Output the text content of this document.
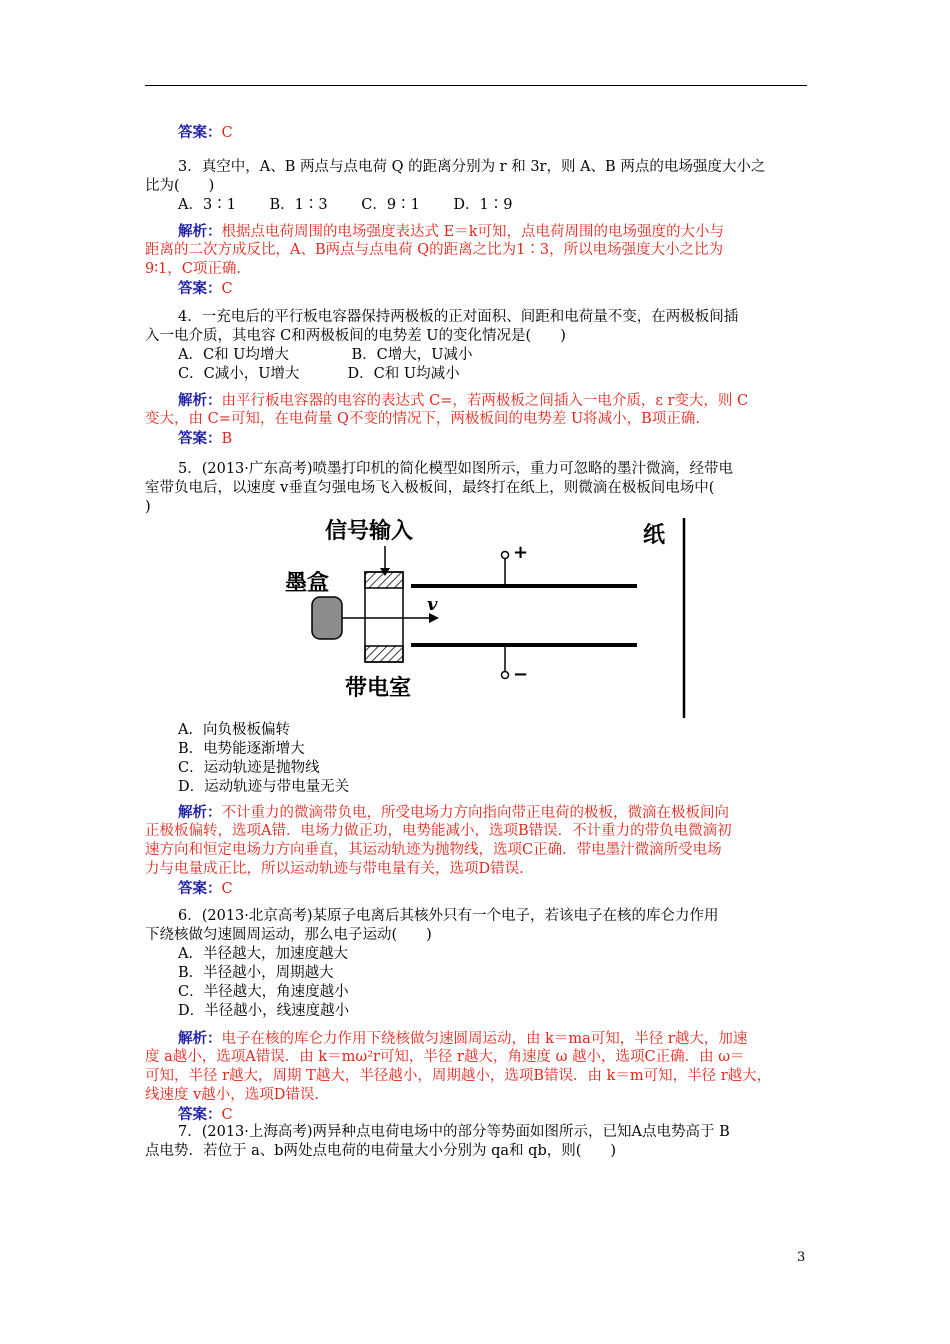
答案：C
3．真空中，A、B 两点与点电荷 Q 的距离分别为 r 和 3r，则 A、B 两点的电场强度大小之
比为(　　)
A．3∶1　　 B．1∶3　　 C．9∶1　　 D．1∶9
解析：根据点电荷周围的电场强度表达式 E＝k可知，点电荷周围的电场强度的大小与
距离的二次方成反比，A、B两点与点电荷 Q的距离之比为1∶3，所以电场强度大小之比为
9∶1，C项正确.
答案：C
4．一充电后的平行板电容器保持两极板的正对面积、间距和电荷量不变，在两极板间插
入一电介质，其电容 C和两极板间的电势差 U的变化情况是(　　)
A．C和 U均增大　　　　 B．C增大，U减小
C．C减小，U增大　　　 D．C和 U均减小
解析：由平行板电容器的电容的表达式 C=，若两极板之间插入一电介质，ε r变大，则 C
变大，由 C=可知，在电荷量 Q不变的情况下，两极板间的电势差 U将减小，B项正确.
答案：B
5．(2013·广东高考)喷墨打印机的简化模型如图所示，重力可忽略的墨汁微滴，经带电
室带负电后，以速度 v垂直匀强电场飞入极板间，最终打在纸上，则微滴在极板间电场中(
)
信号输入
墨盒
v
+
−
带电室
纸
A．向负极板偏转
B．电势能逐渐增大
C．运动轨迹是抛物线
D．运动轨迹与带电量无关
解析：不计重力的微滴带负电，所受电场力方向指向带正电荷的极板，微滴在极板间向
正极板偏转，选项A错．电场力做正功，电势能减小，选项B错误．不计重力的带负电微滴初
速方向和恒定电场力方向垂直，其运动轨迹为抛物线，选项C正确．带电墨汁微滴所受电场
力与电量成正比，所以运动轨迹与带电量有关，选项D错误.
答案：C
6．(2013·北京高考)某原子电离后其核外只有一个电子，若该电子在核的库仑力作用
下绕核做匀速圆周运动，那么电子运动(　　)
A．半径越大，加速度越大
B．半径越小，周期越大
C．半径越大，角速度越小
D．半径越小，线速度越小
解析：电子在核的库仑力作用下绕核做匀速圆周运动，由 k＝ma可知，半径 r越大，加速
度 a越小，选项A错误．由 k＝mω²r可知，半径 r越大，角速度 ω 越小，选项C正确．由 ω＝
可知，半径 r越大，周期 T越大，半径越小，周期越小，选项B错误．由 k＝m可知，半径 r越大，
线速度 v越小，选项D错误.
答案：C
7．(2013·上海高考)两异种点电荷电场中的部分等势面如图所示，已知A点电势高于 B
点电势．若位于 a、b两处点电荷的电荷量大小分别为 qa和 qb，则(　　)
3
